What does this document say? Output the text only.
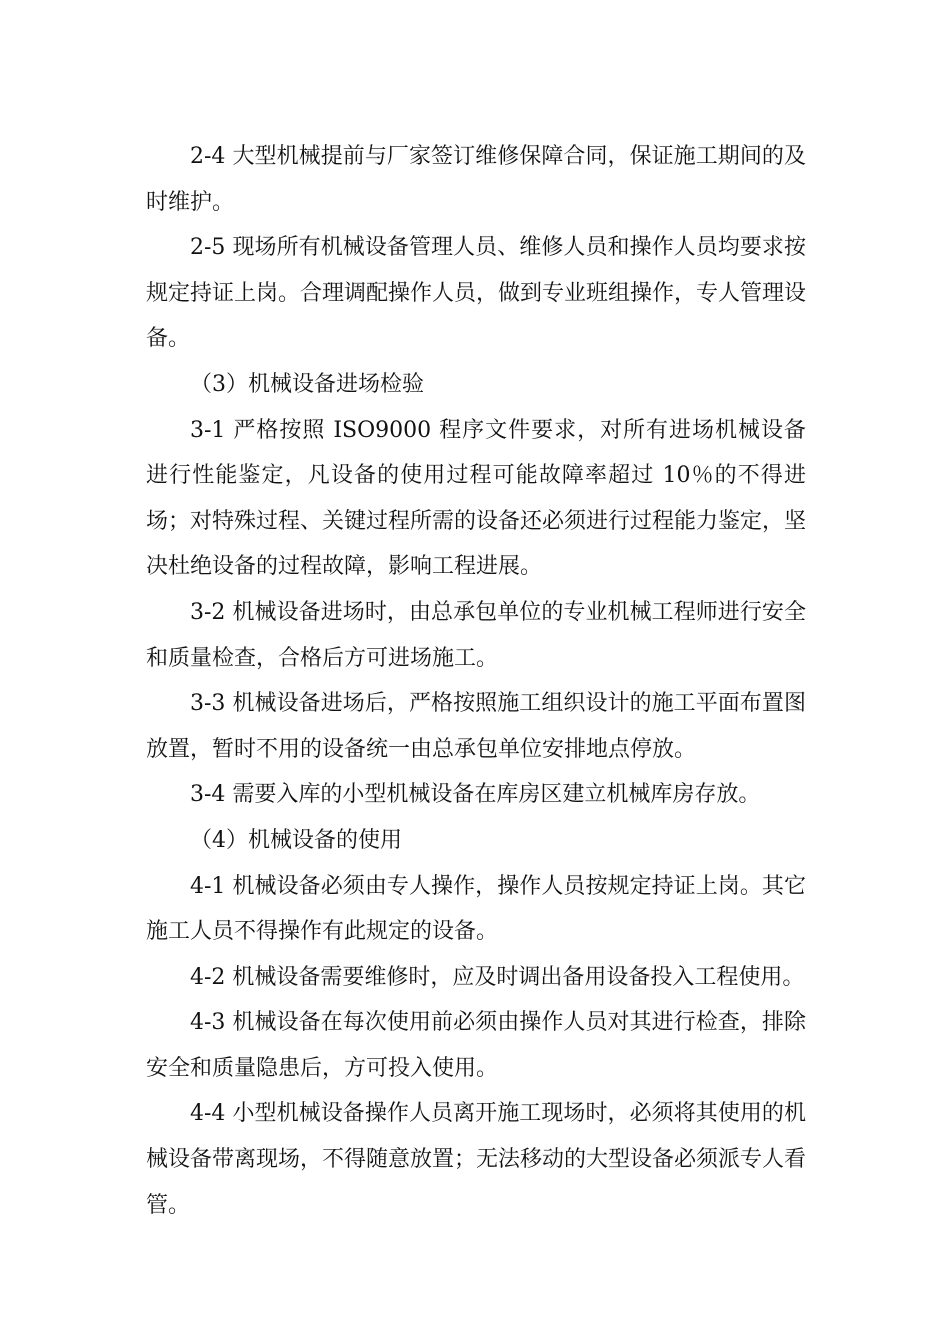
2-4 大型机械提前与厂家签订维修保障合同，保证施工期间的及时维护。

2-5 现场所有机械设备管理人员、维修人员和操作人员均要求按规定持证上岗。合理调配操作人员，做到专业班组操作，专人管理设备。

（3）机械设备进场检验

3-1 严格按照 ISO9000 程序文件要求，对所有进场机械设备进行性能鉴定，凡设备的使用过程可能故障率超过 10％的不得进场；对特殊过程、关键过程所需的设备还必须进行过程能力鉴定，坚决杜绝设备的过程故障，影响工程进展。

3-2 机械设备进场时，由总承包单位的专业机械工程师进行安全和质量检查，合格后方可进场施工。

3-3 机械设备进场后，严格按照施工组织设计的施工平面布置图放置，暂时不用的设备统一由总承包单位安排地点停放。

3-4 需要入库的小型机械设备在库房区建立机械库房存放。

（4）机械设备的使用

4-1 机械设备必须由专人操作，操作人员按规定持证上岗。其它施工人员不得操作有此规定的设备。

4-2 机械设备需要维修时，应及时调出备用设备投入工程使用。

4-3 机械设备在每次使用前必须由操作人员对其进行检查，排除安全和质量隐患后，方可投入使用。

4-4 小型机械设备操作人员离开施工现场时，必须将其使用的机械设备带离现场，不得随意放置；无法移动的大型设备必须派专人看管。
